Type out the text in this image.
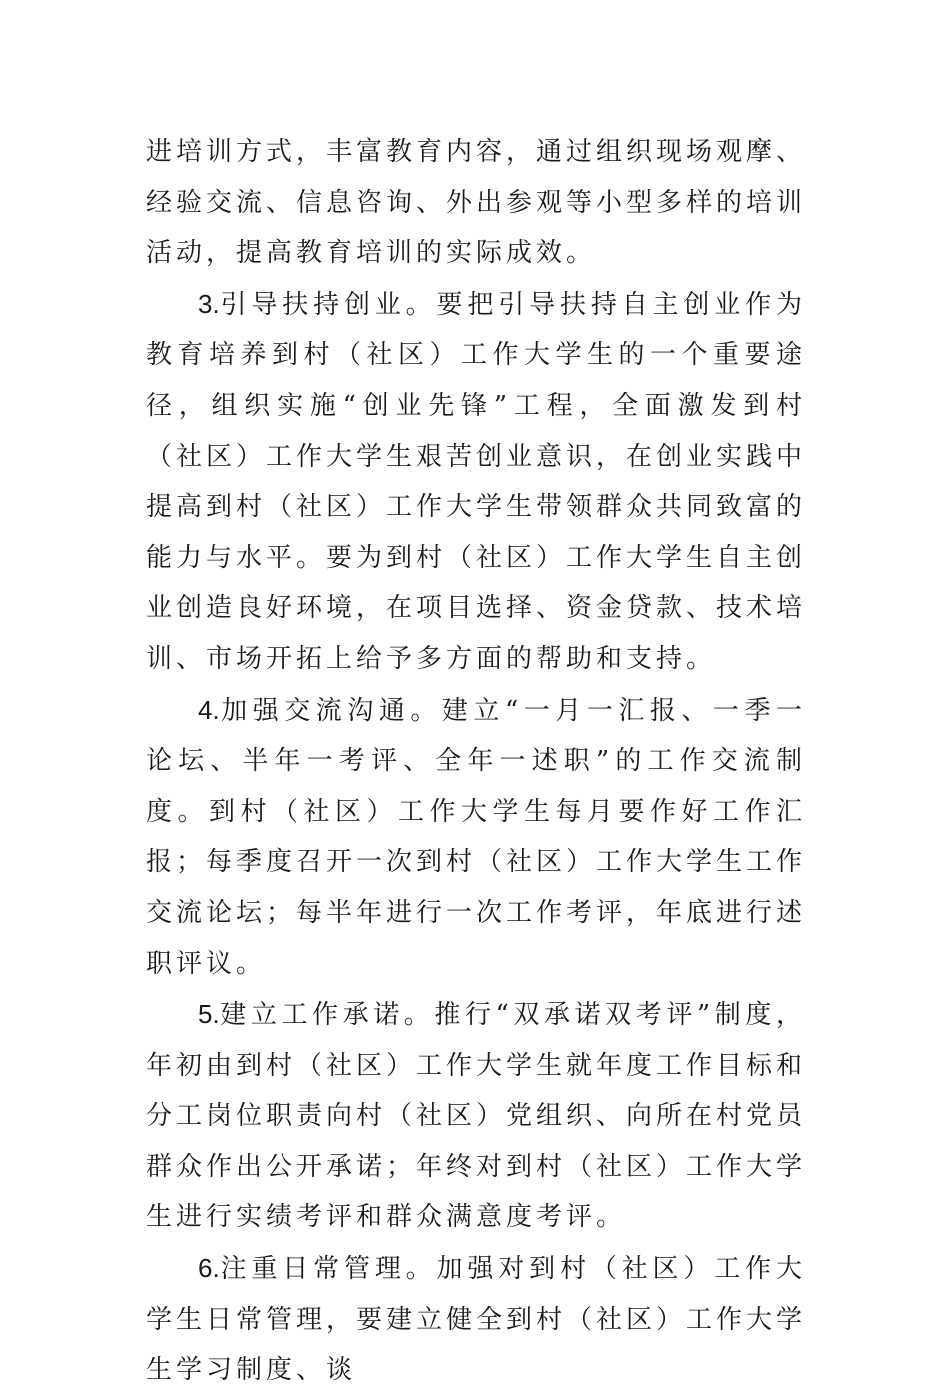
进培训方式，丰富教育内容，通过组织现场观摩、经验交流、信息咨询、外出参观等小型多样的培训活动，提高教育培训的实际成效。

3.引导扶持创业。要把引导扶持自主创业作为教育培养到村（社区）工作大学生的一个重要途径，组织实施“创业先锋”工程，全面激发到村（社区）工作大学生艰苦创业意识，在创业实践中提高到村（社区）工作大学生带领群众共同致富的能力与水平。要为到村（社区）工作大学生自主创业创造良好环境，在项目选择、资金贷款、技术培训、市场开拓上给予多方面的帮助和支持。

4.加强交流沟通。建立“一月一汇报、一季一论坛、半年一考评、全年一述职”的工作交流制度。到村（社区）工作大学生每月要作好工作汇报；每季度召开一次到村（社区）工作大学生工作交流论坛；每半年进行一次工作考评，年底进行述职评议。

5.建立工作承诺。推行“双承诺双考评”制度，年初由到村（社区）工作大学生就年度工作目标和分工岗位职责向村（社区）党组织、向所在村党员群众作出公开承诺；年终对到村（社区）工作大学生进行实绩考评和群众满意度考评。

6.注重日常管理。加强对到村（社区）工作大学生日常管理，要建立健全到村（社区）工作大学生学习制度、谈
